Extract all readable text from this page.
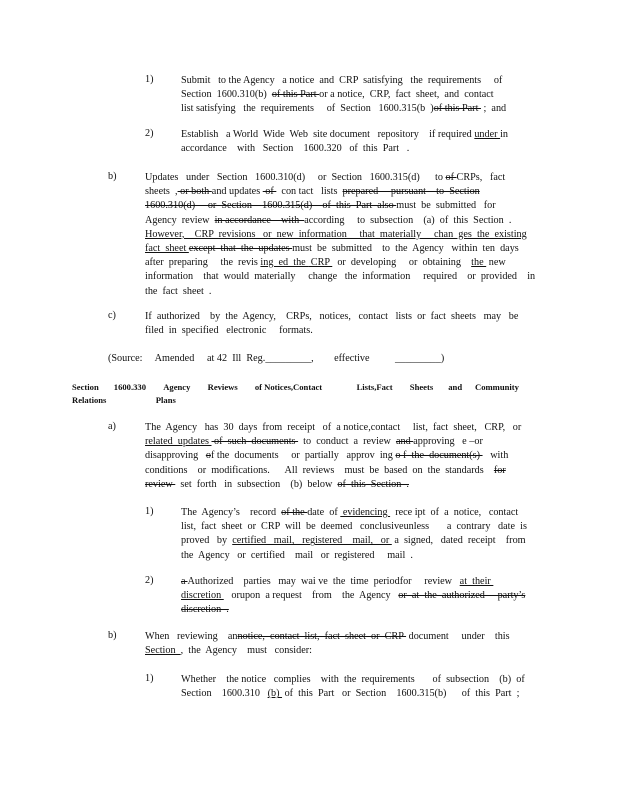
1)	Submit   to the Agency   a notice  and  CRP  satisfying   the  requirements     of
Section  1600.310(b) of this Part or a notice,  CRP,  fact  sheet,  and  contact
list satisfying   the  requirements     of  Section   1600.315(b  )of this Part  ;  and
2)	Establish   a World  Wide  Web  site document   repository    if required under in
accordance    with   Section    1600.320   of  this  Part   .
b)	Updates   under   Section   1600.310(d)     or  Section   1600.315(d)      to of CRPs,   fact
sheets  , or both and updates  of   con tact   lists  prepared     pursuant    to  Section
1600.310(d)     or  Section    1600.315(d)    of  this  Part  also must  be  submitted   for
Agency  review  in accordance    with  according     to  subsection    (a)  of  this  Section  .
However,    CRP  revisions   or  new  information     that  materially     chan  ges  the  existing
fact  sheet except  that  the  updates must  be  submitted    to  the  Agency   within  ten  days
after  preparing     the  revis ing  ed  the  CRP   or  developing     or  obtaining    the  new
information    that  would  materially     change   the  information     required    or  provided    in
the  fact  sheet  .
c)	If  authorized    by  the  Agency,    CRPs,   notices,   contact   lists  or  fact  sheets   may   be
filed  in  specified   electronic     formats.
(Source:     Amended     at 42  Ill  Reg._________,        effective _________)
Section 1600.330 Agency Reviews of Notices,Contact	Lists,Fact Sheets and Community
Relations	Plans
a)	The  Agency   has  30  days  from  receipt   of  a notice,contact     list,  fact  sheet,   CRP,   or
related  updates  of  such  documents   to  conduct  a  review  and approving   e –or
disapproving   of the  documents     or  partially   approv  ing o f  the  document(s)    with
conditions    or  modifications.      All  reviews    must  be  based  on  the  standards    for
review   set  forth   in  subsection    (b)  below  of  this  Section  .
1)	The  Agency’s    record  of the date  of  evidencing   rece ipt  of  a  notice,   contact
list,  fact  sheet  or  CRP  will  be  deemed   conclusiveunless       a  contrary   date  is
proved   by  certified   mail,   registered    mail,   or  a  signed,   dated  receipt    from
the  Agency   or  certified    mail   or  registered     mail  .
2)	a Authorized    parties   may  wai ve  the  time  periodfor     review   at  their
discretion    orupon  a request    from    the  Agency   or  at  the  authorized     party’s
discretion  .
b)	When   reviewing    annotice,  contact  list,  fact  sheet  or  CRP  document     under    this
Section  ,  the  Agency    must   consider:
1)	Whether    the notice   complies    with  the  requirements       of  subsection    (b)  of
Section    1600.310   (b)  of  this  Part   or  Section    1600.315(b)      of  this  Part  ;
